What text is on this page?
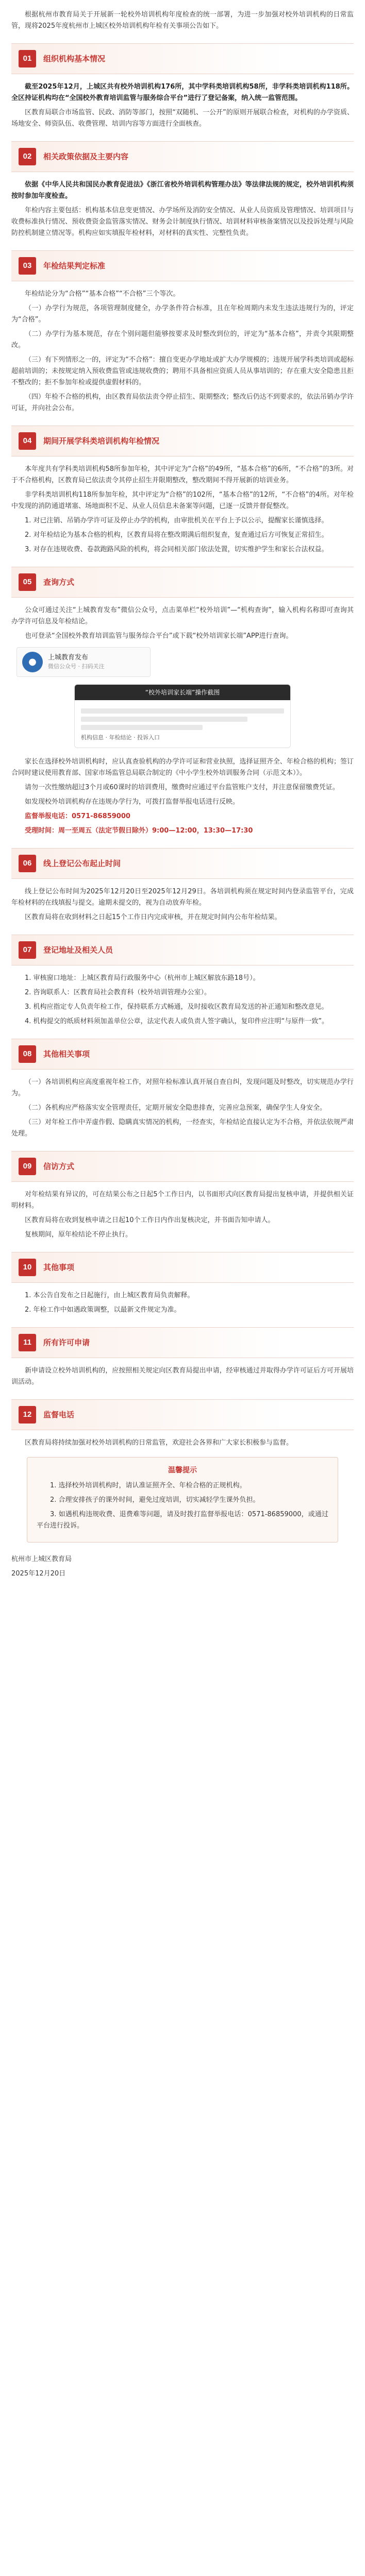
根据杭州市教育局关于开展新一轮校外培训机构年度检查的统一部署，为进一步加强对校外培训机构的日常监管，现将2025年度杭州市上城区校外培训机构年检有关事项公告如下。

01	组织机构基本情况

截至2025年12月，上城区共有校外培训机构176所，其中学科类培训机构58所，非学科类培训机构118所。全区持证机构均在“全国校外教育培训监管与服务综合平台”进行了登记备案，纳入统一监管范围。

区教育局联合市场监管、民政、消防等部门，按照“双随机、一公开”的原则开展联合检查，对机构的办学资质、场地安全、师资队伍、收费管理、培训内容等方面进行全面核查。

02	相关政策依据及主要内容

依据《中华人民共和国民办教育促进法》《浙江省校外培训机构管理办法》等法律法规的规定，校外培训机构须按时参加年度检查。

年检内容主要包括：机构基本信息变更情况、办学场所及消防安全情况、从业人员资质及管理情况、培训项目与收费标准执行情况、预收费资金监管落实情况、财务会计制度执行情况、培训材料审核备案情况以及投诉处理与风险防控机制建立情况等。机构应如实填报年检材料，对材料的真实性、完整性负责。

03	年检结果判定标准

年检结论分为“合格”“基本合格”“不合格”三个等次。

（一）办学行为规范，各项管理制度健全，办学条件符合标准，且在年检周期内未发生违法违规行为的，评定为“合格”。

（二）办学行为基本规范，存在个别问题但能够按要求及时整改到位的，评定为“基本合格”，并责令其限期整改。

（三）有下列情形之一的，评定为“不合格”：擅自变更办学地址或扩大办学规模的；违规开展学科类培训或超标超前培训的；未按规定纳入预收费监管或违规收费的；聘用不具备相应资质人员从事培训的；存在重大安全隐患且拒不整改的；拒不参加年检或提供虚假材料的。

（四）年检不合格的机构，由区教育局依法责令停止招生、限期整改；整改后仍达不到要求的，依法吊销办学许可证，并向社会公布。

04	期间开展学科类培训机构年检情况

本年度共有学科类培训机构58所参加年检，其中评定为“合格”的49所，“基本合格”的6所，“不合格”的3所。对于不合格机构，区教育局已依法责令其停止招生并限期整改，整改期间不得开展新的培训业务。

非学科类培训机构118所参加年检，其中评定为“合格”的102所，“基本合格”的12所，“不合格”的4所。对年检中发现的消防通道堵塞、场地面积不足、从业人员信息未备案等问题，已逐一反馈并督促整改。

1. 对已注销、吊销办学许可证及停止办学的机构，由审批机关在平台上予以公示，提醒家长谨慎选择。

2. 对年检结论为基本合格的机构，区教育局将在整改期满后组织复查，复查通过后方可恢复正常招生。

3. 对存在违规收费、卷款跑路风险的机构，将会同相关部门依法处置，切实维护学生和家长合法权益。

05	查询方式

公众可通过关注“上城教育发布”微信公众号，点击菜单栏“校外培训”—“机构查询”，输入机构名称即可查询其办学许可信息及年检结论。

也可登录“全国校外教育培训监管与服务综合平台”或下载“校外培训家长端”APP进行查询。

●	上城教育发布
微信公众号 · 扫码关注
“校外培训家长端”操作截图
机构信息 · 年检结论 · 投诉入口

家长在选择校外培训机构时，应认真查验机构的办学许可证和营业执照，选择证照齐全、年检合格的机构；签订合同时建议使用教育部、国家市场监管总局联合制定的《中小学生校外培训服务合同（示范文本）》。

请勿一次性缴纳超过3个月或60课时的培训费用，缴费时应通过平台监管账户支付，并注意保留缴费凭证。

如发现校外培训机构存在违规办学行为，可拨打监督举报电话进行反映。

监督举报电话：0571-86859000

受理时间：周一至周五（法定节假日除外）9:00—12:00，13:30—17:30

06	线上登记公布起止时间

线上登记公布时间为2025年12月20日至2025年12月29日。各培训机构须在规定时间内登录监管平台，完成年检材料的在线填报与提交。逾期未提交的，视为自动放弃年检。

区教育局将在收到材料之日起15个工作日内完成审核，并在规定时间内公布年检结果。

07	登记地址及相关人员

1. 审核窗口地址：上城区教育局行政服务中心（杭州市上城区解放东路18号）。

2. 咨询联系人：区教育局社会教育科（校外培训管理办公室）。

3. 机构应指定专人负责年检工作，保持联系方式畅通，及时接收区教育局发送的补正通知和整改意见。

4. 机构提交的纸质材料须加盖单位公章，法定代表人或负责人签字确认，复印件应注明“与原件一致”。

08	其他相关事项

（一）各培训机构应高度重视年检工作，对照年检标准认真开展自查自纠，发现问题及时整改，切实规范办学行为。

（二）各机构应严格落实安全管理责任，定期开展安全隐患排查，完善应急预案，确保学生人身安全。

（三）对年检工作中弄虚作假、隐瞒真实情况的机构，一经查实，年检结论直接认定为不合格，并依法依规严肃处理。

09	信访方式

对年检结果有异议的，可在结果公布之日起5个工作日内，以书面形式向区教育局提出复核申请，并提供相关证明材料。

区教育局将在收到复核申请之日起10个工作日内作出复核决定，并书面告知申请人。

复核期间，原年检结论不停止执行。

10	其他事项

1. 本公告自发布之日起施行，由上城区教育局负责解释。

2. 年检工作中如遇政策调整，以最新文件规定为准。

11	所有许可申请

新申请设立校外培训机构的，应按照相关规定向区教育局提出申请，经审核通过并取得办学许可证后方可开展培训活动。

12	监督电话

区教育局将持续加强对校外培训机构的日常监管，欢迎社会各界和广大家长积极参与监督。

温馨提示

1. 选择校外培训机构时，请认准证照齐全、年检合格的正规机构。

2. 合理安排孩子的课外时间，避免过度培训，切实减轻学生课外负担。

3. 如遇机构违规收费、退费难等问题，请及时拨打监督举报电话：0571-86859000，或通过平台进行投诉。

杭州市上城区教育局

2025年12月20日
